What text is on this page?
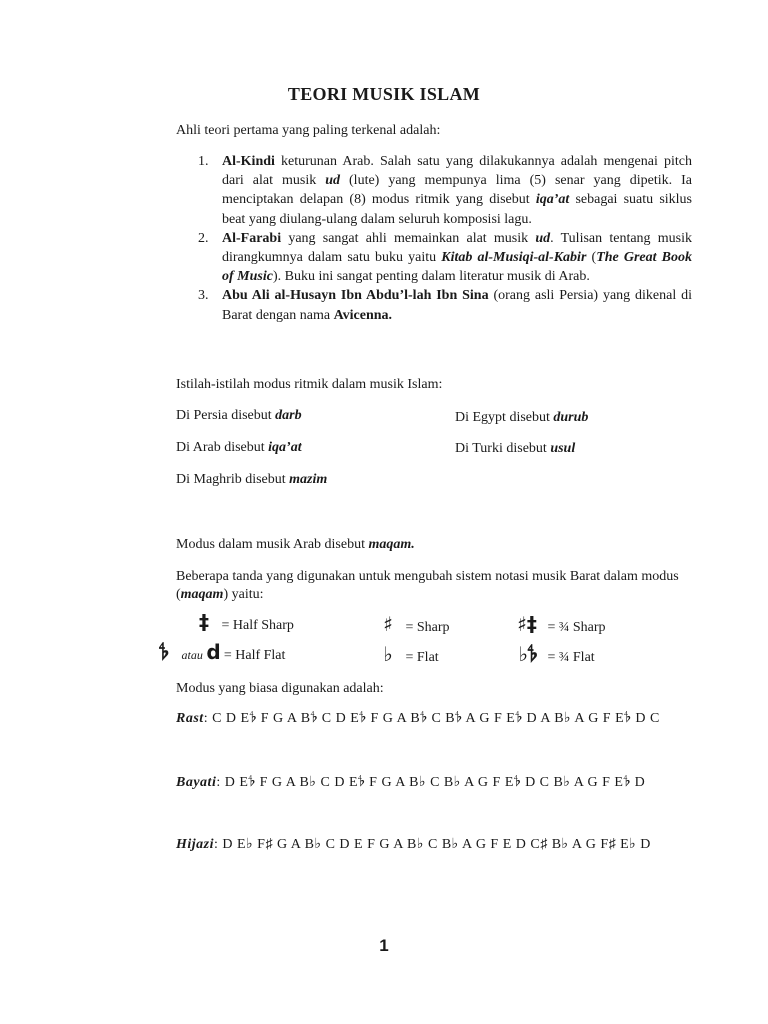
TEORI MUSIK ISLAM
Ahli teori pertama yang paling terkenal adalah:
1. Al-Kindi keturunan Arab. Salah satu yang dilakukannya adalah mengenai pitch dari alat musik ud (lute) yang mempunya lima (5) senar yang dipetik. Ia menciptakan delapan (8) modus ritmik yang disebut iqa’at sebagai suatu siklus beat yang diulang-ulang dalam seluruh komposisi lagu.
2. Al-Farabi yang sangat ahli memainkan alat musik ud. Tulisan tentang musik dirangkumnya dalam satu buku yaitu Kitab al-Musiqi-al-Kabir (The Great Book of Music). Buku ini sangat penting dalam literatur musik di Arab.
3. Abu Ali al-Husayn Ibn Abdu’l-lah Ibn Sina (orang asli Persia) yang dikenal di Barat dengan nama Avicenna.
Istilah-istilah modus ritmik dalam musik Islam:
Di Persia disebut darb	Di Egypt disebut durub
Di Arab disebut iqa’at	Di Turki disebut usul
Di Maghrib disebut mazim
Modus dalam musik Arab disebut maqam.
Beberapa tanda yang digunakan untuk mengubah sistem notasi musik Barat dalam modus (maqam) yaitu:
‡ = Half Sharp	♯ = Sharp	♯‡ = ¾ Sharp
𝄳 atau d = Half Flat	♭ = Flat	♭𝄳 = ¾ Flat
Modus yang biasa digunakan adalah:
Rast: C D E𝄳 F G A B𝄳 C D E𝄳 F G A B𝄳 C B𝄳 A G F E𝄳 D A B♭ A G F E𝄳 D C
Bayati: D E𝄳 F G A B♭ C D E𝄳 F G A B♭ C B♭ A G F E𝄳 D C B♭ A G F E𝄳 D
Hijazi: D E♭ F♯ G A B♭ C D E F G A B♭ C B♭ A G F E D C♯ B♭ A G F♯ E♭ D
1
